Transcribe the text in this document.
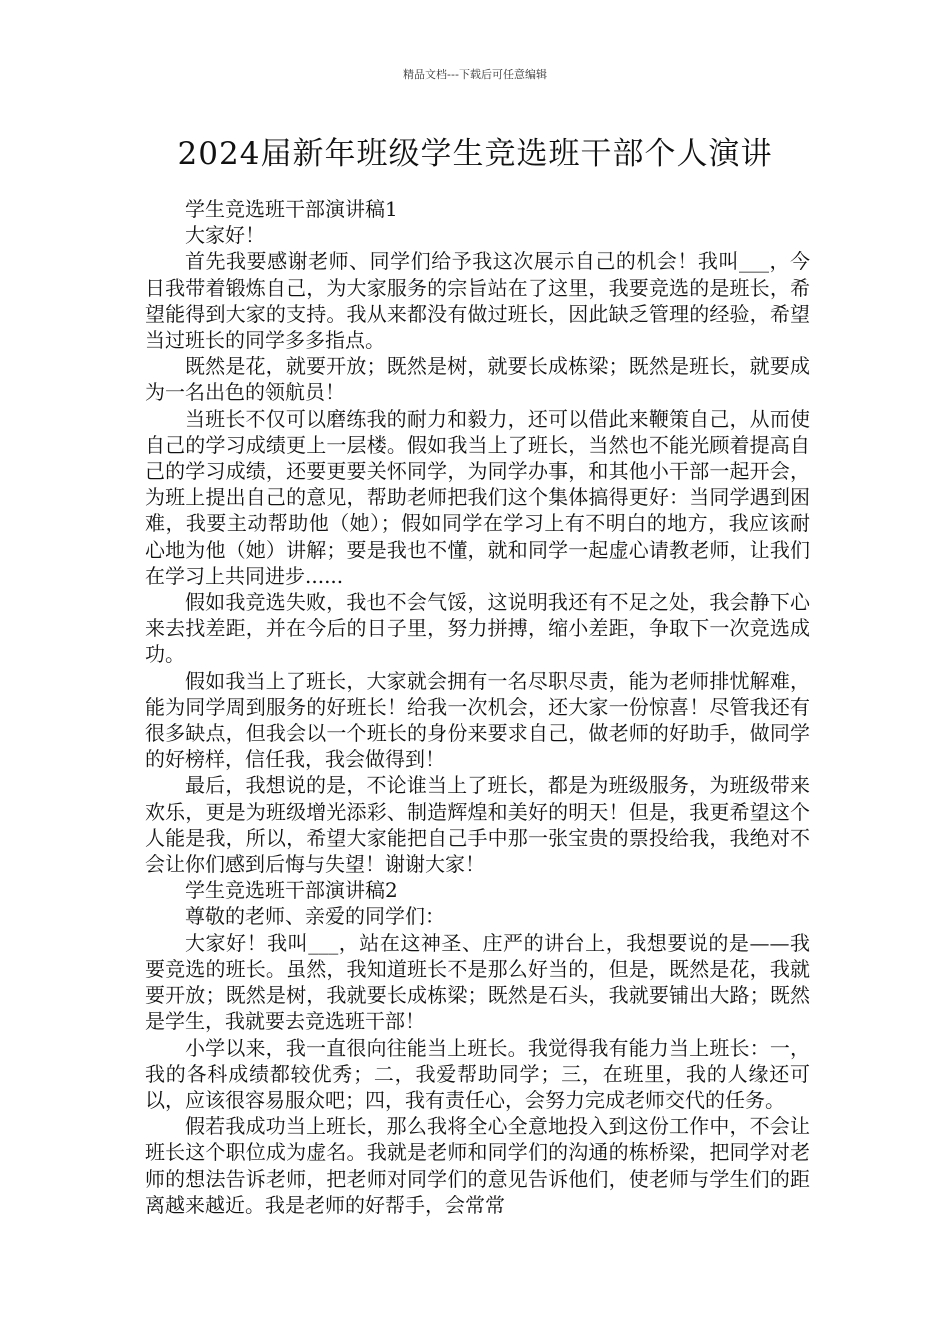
精品文档---下载后可任意编辑
2024届新年班级学生竞选班干部个人演讲

学生竞选班干部演讲稿1

大家好！

首先我要感谢老师、同学们给予我这次展示自己的机会！我叫___，今日我带着锻炼自己，为大家服务的宗旨站在了这里，我要竞选的是班长，希望能得到大家的支持。我从来都没有做过班长，因此缺乏管理的经验，希望当过班长的同学多多指点。

既然是花，就要开放；既然是树，就要长成栋梁；既然是班长，就要成为一名出色的领航员！

当班长不仅可以磨练我的耐力和毅力，还可以借此来鞭策自己，从而使自己的学习成绩更上一层楼。假如我当上了班长，当然也不能光顾着提高自己的学习成绩，还要更要关怀同学，为同学办事，和其他小干部一起开会，为班上提出自己的意见，帮助老师把我们这个集体搞得更好：当同学遇到困难，我要主动帮助他（她）；假如同学在学习上有不明白的地方，我应该耐心地为他（她）讲解；要是我也不懂，就和同学一起虚心请教老师，让我们在学习上共同进步......

假如我竞选失败，我也不会气馁，这说明我还有不足之处，我会静下心来去找差距，并在今后的日子里，努力拼搏，缩小差距，争取下一次竞选成功。

假如我当上了班长，大家就会拥有一名尽职尽责，能为老师排忧解难，能为同学周到服务的好班长！给我一次机会，还大家一份惊喜！尽管我还有很多缺点，但我会以一个班长的身份来要求自己，做老师的好助手，做同学的好榜样，信任我，我会做得到！

最后，我想说的是，不论谁当上了班长，都是为班级服务，为班级带来欢乐，更是为班级增光添彩、制造辉煌和美好的明天！但是，我更希望这个人能是我，所以，希望大家能把自己手中那一张宝贵的票投给我，我绝对不会让你们感到后悔与失望！谢谢大家！

学生竞选班干部演讲稿2

尊敬的老师、亲爱的同学们：

大家好！我叫___，站在这神圣、庄严的讲台上，我想要说的是——我要竞选的班长。虽然，我知道班长不是那么好当的，但是，既然是花，我就要开放；既然是树，我就要长成栋梁；既然是石头，我就要铺出大路；既然是学生，我就要去竞选班干部！

小学以来，我一直很向往能当上班长。我觉得我有能力当上班长：一，我的各科成绩都较优秀；二，我爱帮助同学；三，在班里，我的人缘还可以，应该很容易服众吧；四，我有责任心，会努力完成老师交代的任务。

假若我成功当上班长，那么我将全心全意地投入到这份工作中，不会让班长这个职位成为虚名。我就是老师和同学们的沟通的栋桥梁，把同学对老师的想法告诉老师，把老师对同学们的意见告诉他们，使老师与学生们的距离越来越近。我是老师的好帮手，会常常
